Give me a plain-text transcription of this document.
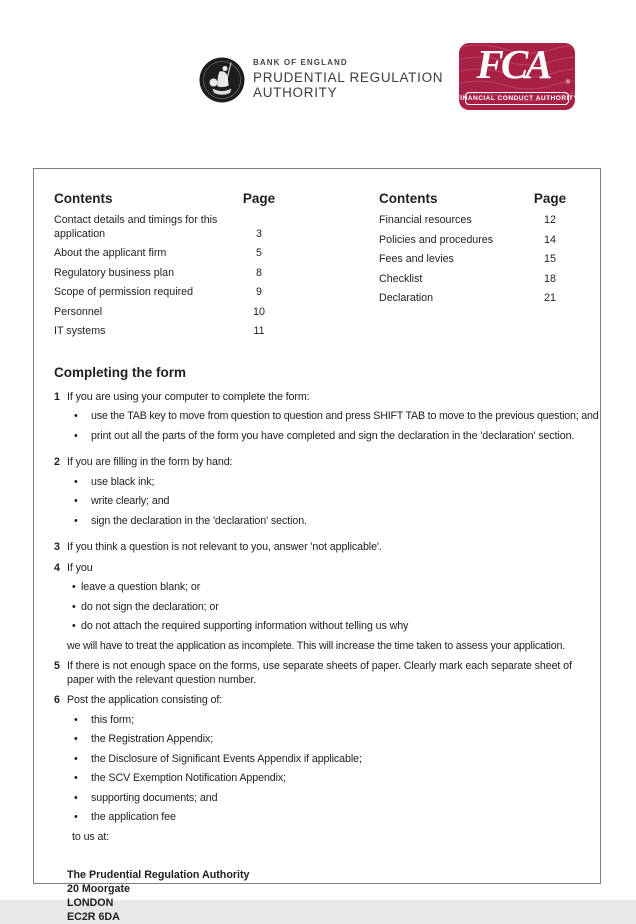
BANK OF ENGLAND
PRUDENTIAL REGULATION
AUTHORITY
FCA	®
FINANCIAL CONDUCT AUTHORITY
Contents	Page
Contact details and timings for this application	3
About the applicant firm	5
Regulatory business plan	8
Scope of permission required	9
Personnel	10
IT systems	11
Contents	Page
Financial resources	12
Policies and procedures	14
Fees and levies	15
Checklist	18
Declaration	21
Completing the form
1 If you are using your computer to complete the form:
•	use the TAB key to move from question to question and press SHIFT TAB to move to the previous question; and
•	print out all the parts of the form you have completed and sign the declaration in the 'declaration' section.
2 If you are filling in the form by hand:
•	use black ink;
•	write clearly; and
•	sign the declaration in the 'declaration' section.
3 If you think a question is not relevant to you, answer 'not applicable'.
4 If you
• leave a question blank; or
• do not sign the declaration; or
• do not attach the required supporting information without telling us why
we will have to treat the application as incomplete. This will increase the time taken to assess your application.
5 If there is not enough space on the forms, use separate sheets of paper. Clearly mark each separate sheet of paper with the relevant question number.
6 Post the application consisting of:
•	this form;
•	the Registration Appendix;
•	the Disclosure of Significant Events Appendix if applicable;
•	the SCV Exemption Notification Appendix;
•	supporting documents; and
•	the application fee
to us at:
The Prudential Regulation Authority
20 Moorgate
LONDON
EC2R 6DA
